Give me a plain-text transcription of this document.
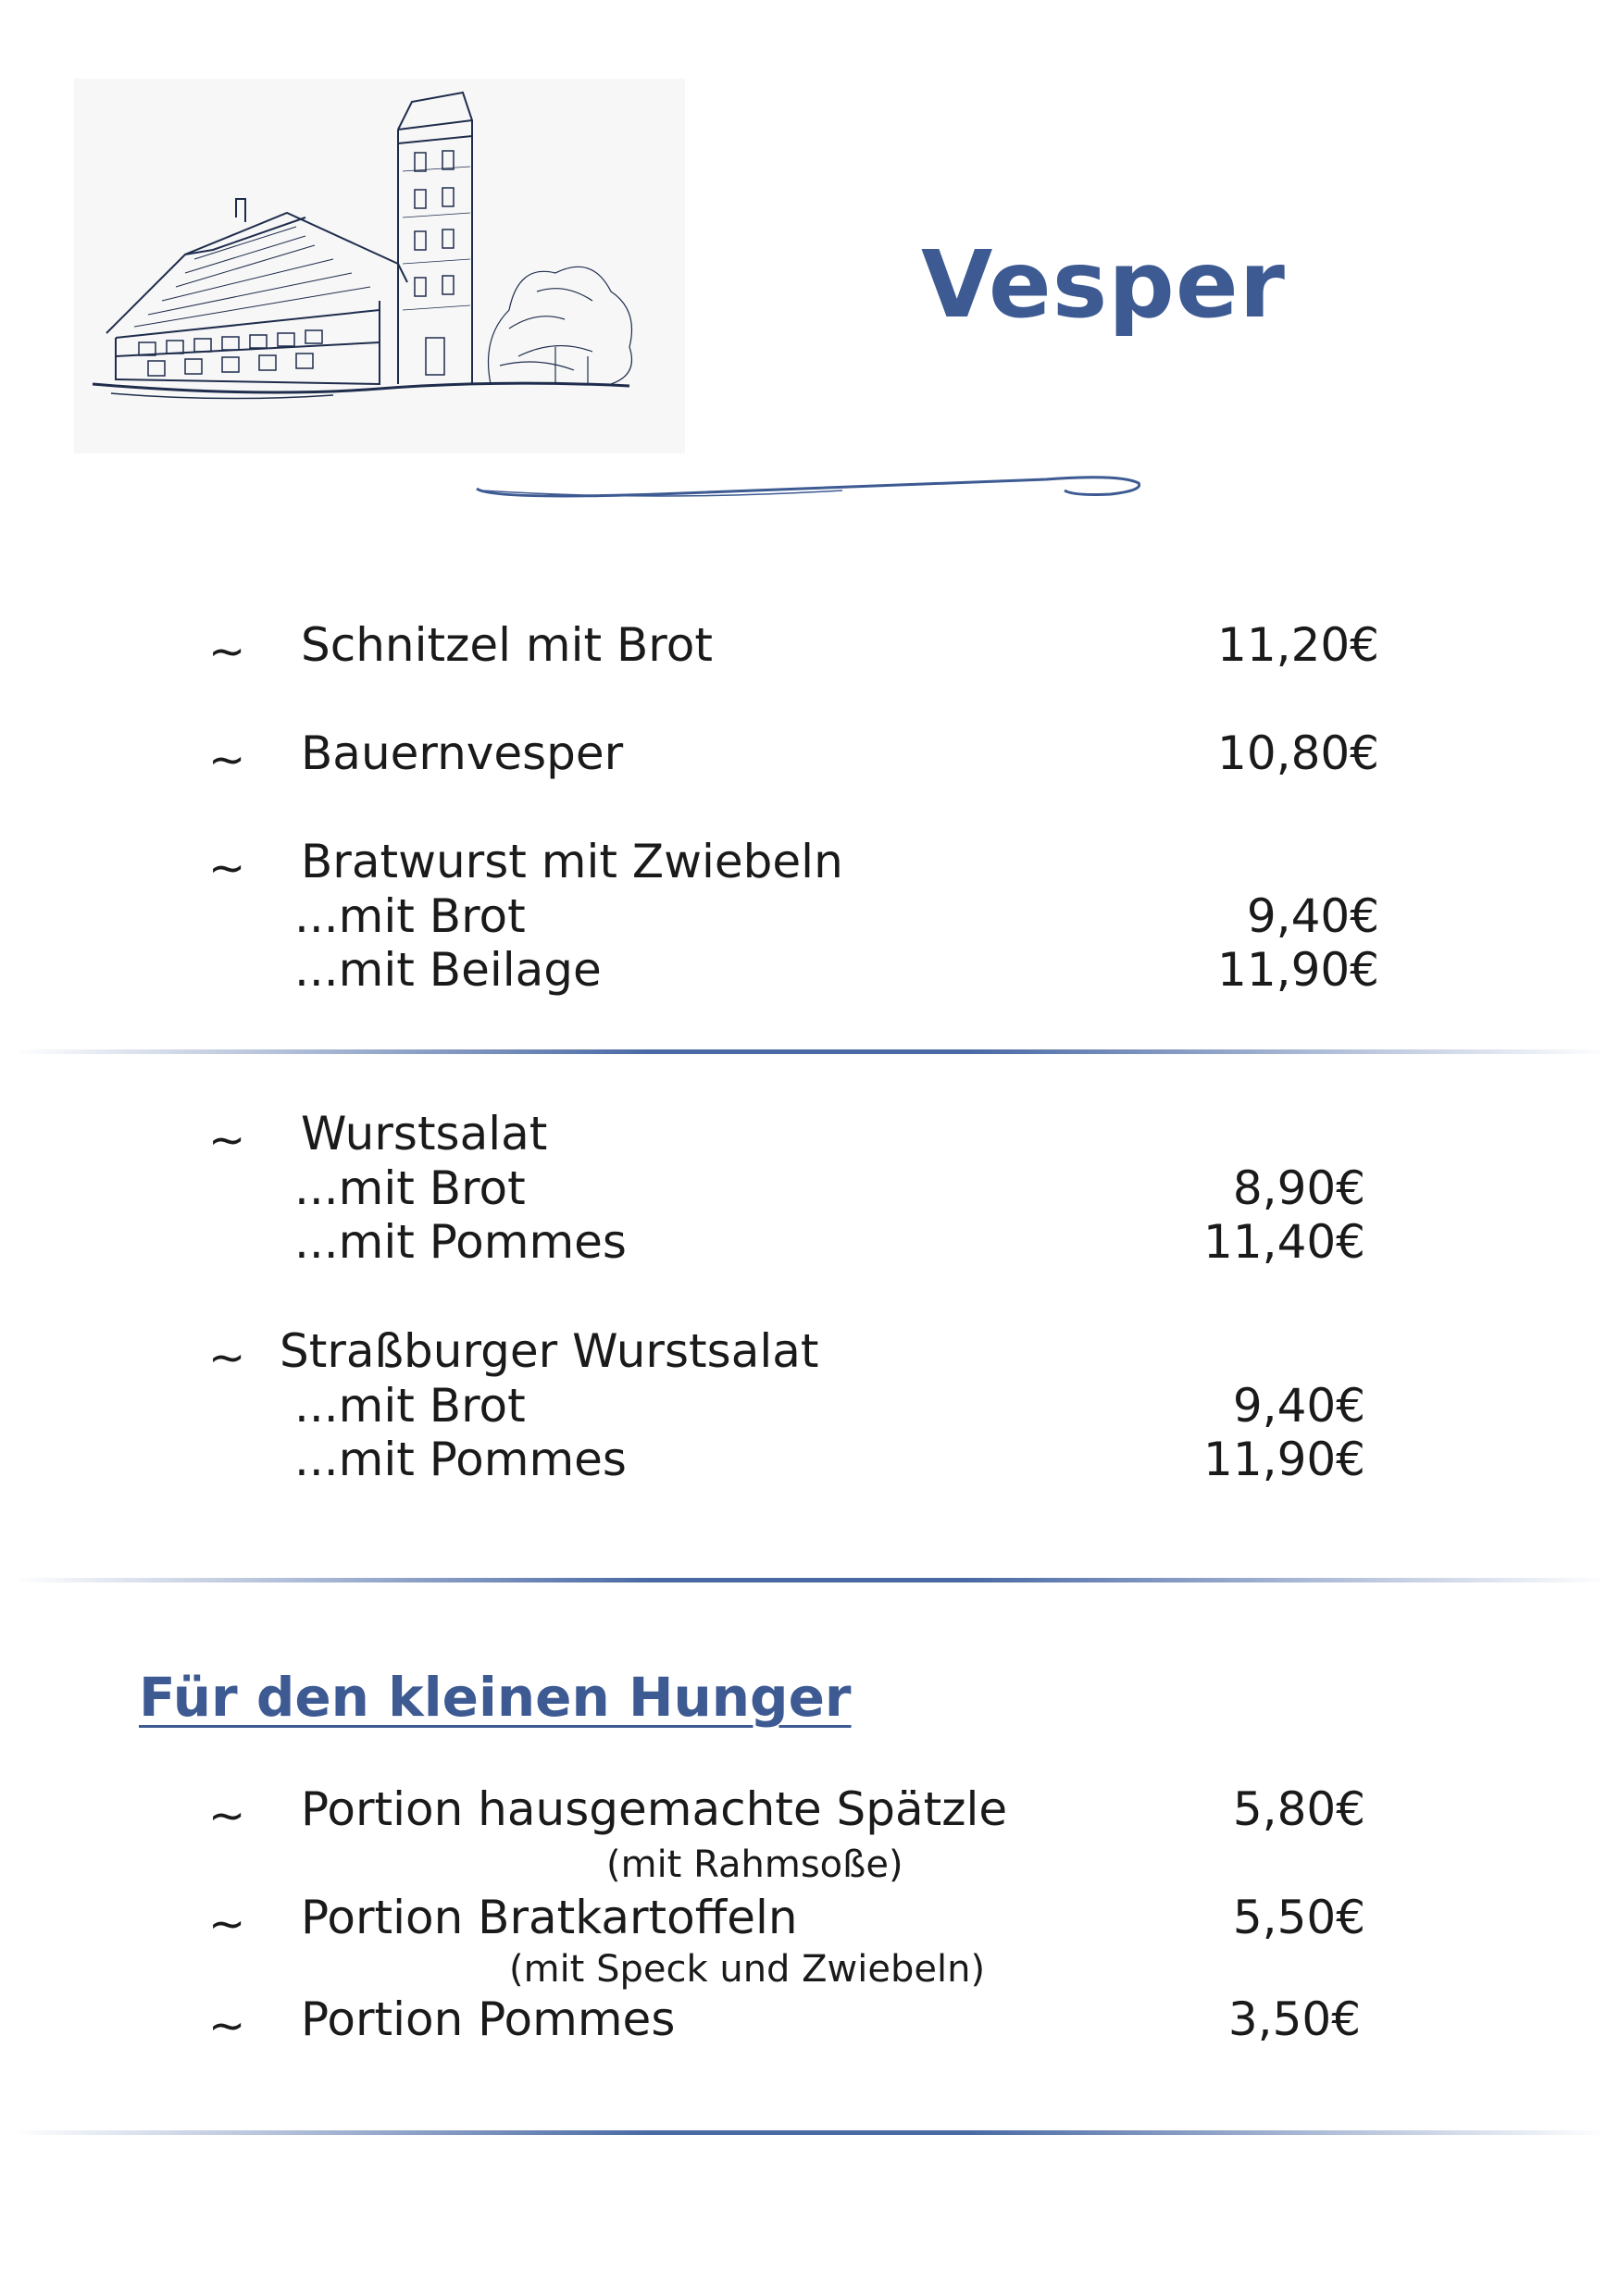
Vesper
~ Schnitzel mit Brot	11,20€
~ Bauernvesper	10,80€
~ Bratwurst mit Zwiebeln
...mit Brot	9,40€
...mit Beilage	11,90€
~ Wurstsalat
...mit Brot	8,90€
...mit Pommes	11,40€
~ Straßburger Wurstsalat
...mit Brot	9,40€
...mit Pommes	11,90€
Für den kleinen Hunger
~ Portion hausgemachte Spätzle	5,80€
(mit Rahmsoße)
~ Portion Bratkartoffeln	5,50€
(mit Speck und Zwiebeln)
~ Portion Pommes	3,50€
